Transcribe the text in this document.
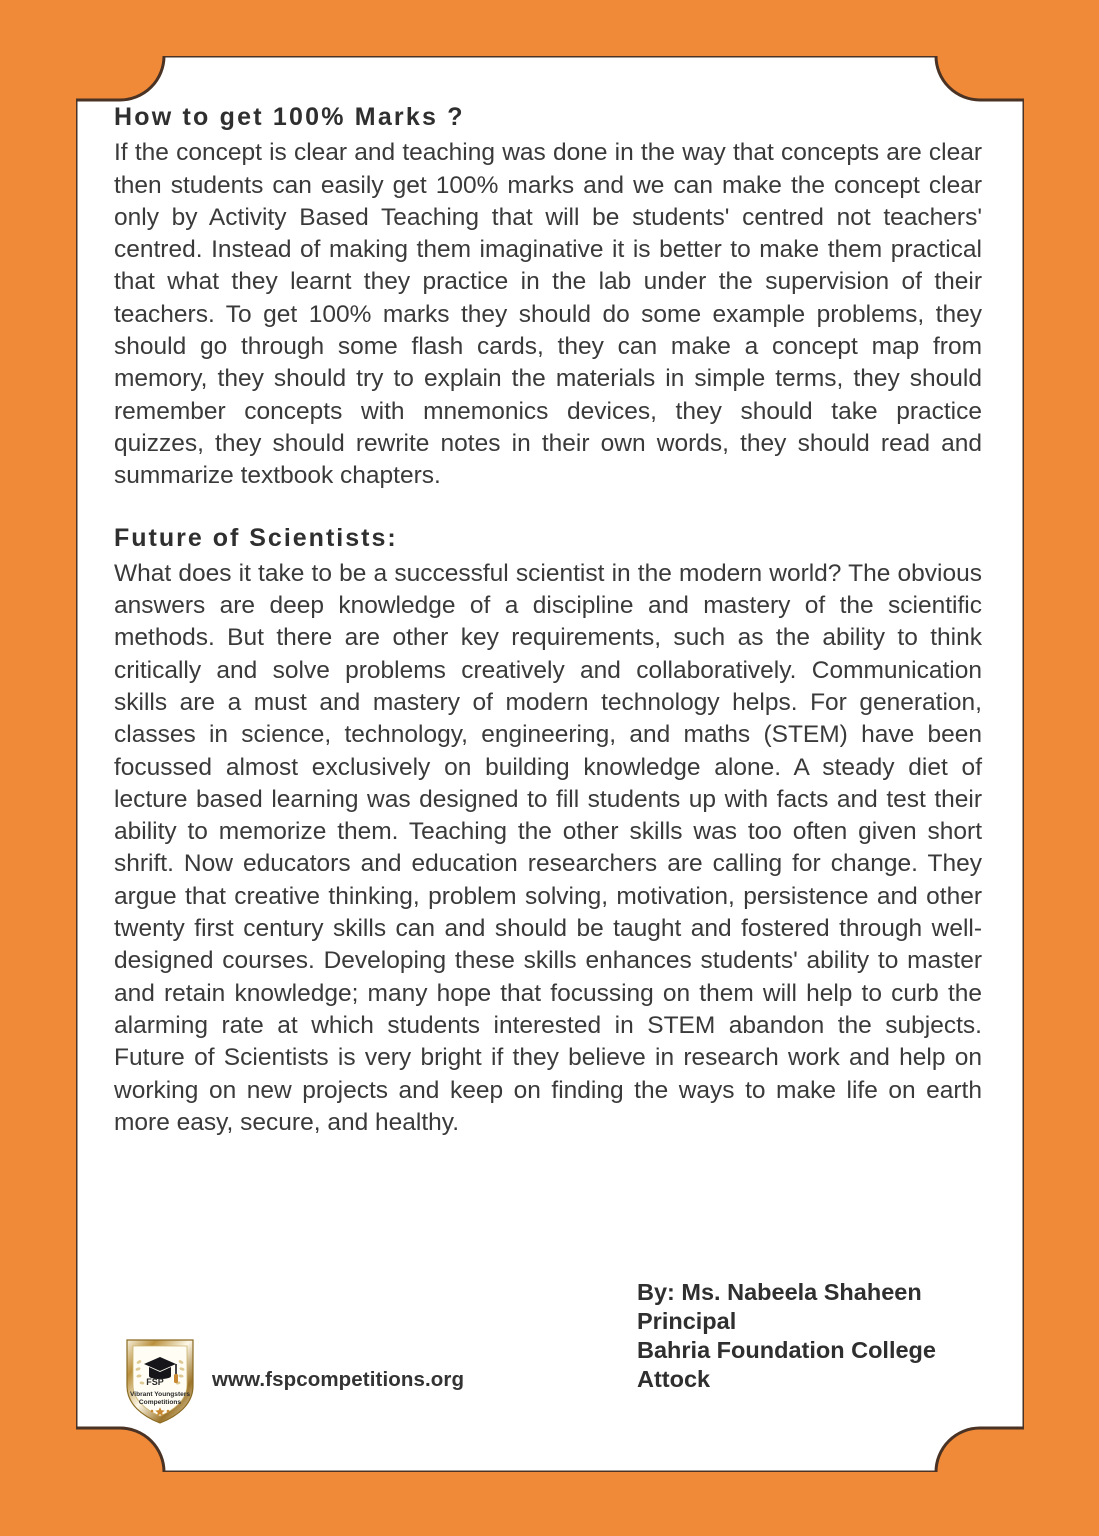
How to get 100% Marks ?

If the concept is clear and teaching was done in the way that concepts are clear then students can easily get 100% marks and we can make the concept clear only by Activity Based Teaching that will be students' centred not teachers' centred. Instead of making them imaginative it is better to make them practical that what they learnt they practice in the lab under the supervision of their teachers. To get 100% marks they should do some example problems, they should go through some flash cards, they can make a concept map from memory, they should try to explain the materials in simple terms, they should remember concepts with mnemonics devices, they should take practice quizzes, they should rewrite notes in their own words, they should read and summarize textbook chapters.

Future of Scientists:

What does it take to be a successful scientist in the modern world? The obvious answers are deep knowledge of a discipline and mastery of the scientific methods. But there are other key requirements, such as the ability to think critically and solve problems creatively and collaboratively. Communication skills are a must and mastery of modern technology helps. For generation, classes in science, technology, engineering, and maths (STEM) have been focussed almost exclusively on building knowledge alone. A steady diet of lecture based learning was designed to fill students up with facts and test their ability to memorize them. Teaching the other skills was too often given short shrift. Now educators and education researchers are calling for change. They argue that creative thinking, problem solving, motivation, persistence and other twenty first century skills can and should be taught and fostered through well-designed courses. Developing these skills enhances students' ability to master and retain knowledge; many hope that focussing on them will help to curb the alarming rate at which students interested in STEM abandon the subjects. Future of Scientists is very bright if they believe in research work and help on working on new projects and keep on finding the ways to make life on earth more easy, secure, and healthy.

By: Ms. Nabeela Shaheen
Principal
Bahria Foundation College
Attock
FSP
Vibrant Youngsters
Competitions
www.fspcompetitions.org
